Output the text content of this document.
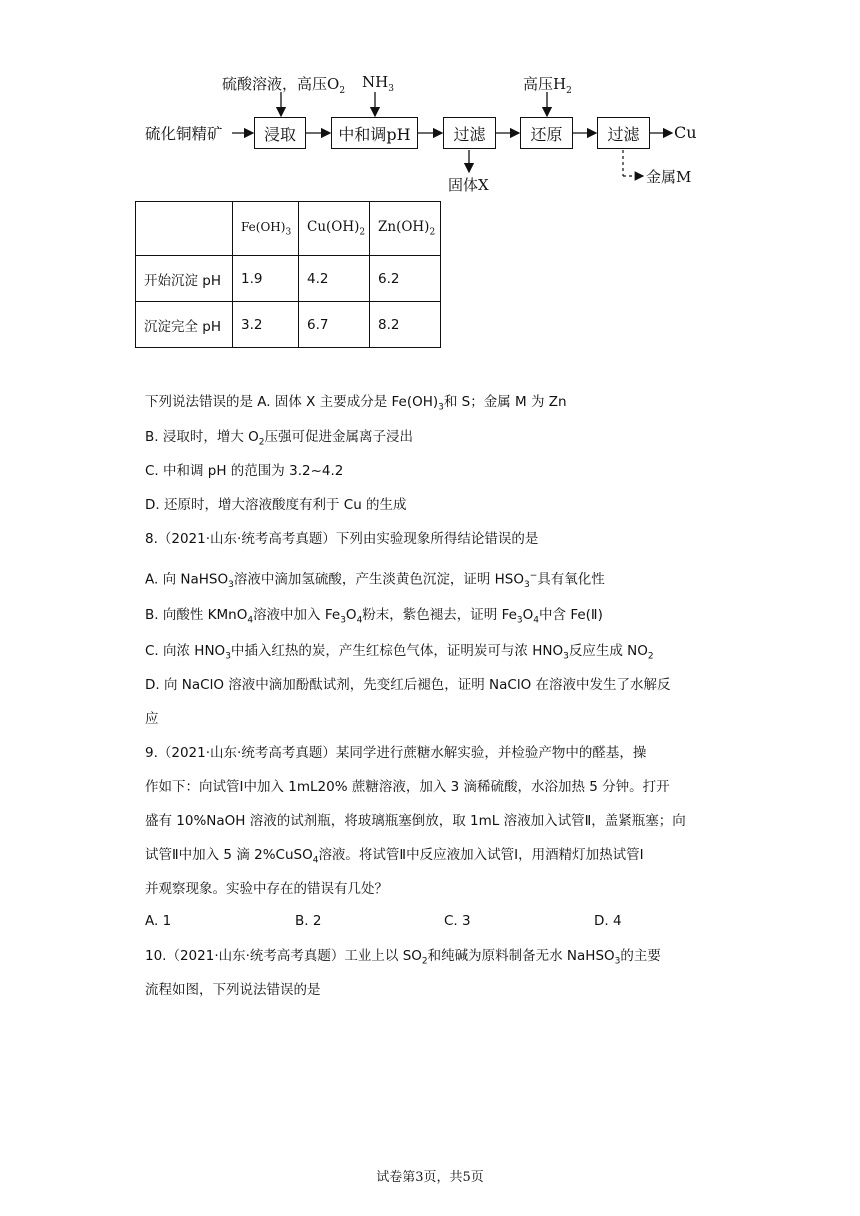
硫化铜精矿	浸取	中和调pH	过滤	还原	过滤
硫酸溶液，高压$O_2$ $NH_3$	高压$H_2$
Cu
固体X	金属M
	$Fe(OH)_3$	$Cu(OH)_2$	$Zn(OH)_2$
开始沉淀 pH	1.9	4.2	6.2
沉淀完全 pH	3.2	6.7	8.2
下列说法错误的是 A. 固体 X 主要成分是 $Fe(OH)_3$和 S；金属 M 为 Zn
B. 浸取时，增大 $O_2$压强可促进金属离子浸出
C. 中和调 pH 的范围为 3.2~4.2
D. 还原时，增大溶液酸度有利于 Cu 的生成
8.（2021·山东·统考高考真题）下列由实验现象所得结论错误的是
A. 向 NaHSO$_3$溶液中滴加氢硫酸，产生淡黄色沉淀，证明 $HSO_3^-$具有氧化性
B. 向酸性 KMnO$_4$溶液中加入 $Fe_3O_4$粉末，紫色褪去，证明 $Fe_3O_4$中含 Fe(Ⅱ)
C. 向浓 $HNO_3$中插入红热的炭，产生红棕色气体，证明炭可与浓 $HNO_3$反应生成 $NO_2$
D. 向 NaClO 溶液中滴加酚酞试剂，先变红后褪色，证明 NaClO 在溶液中发生了水解反
应
9.（2021·山东·统考高考真题）某同学进行蔗糖水解实验，并检验产物中的醛基，操
作如下：向试管Ⅰ中加入 1mL20% 蔗糖溶液，加入 3 滴稀硫酸，水浴加热 5 分钟。打开
盛有 10%NaOH 溶液的试剂瓶，将玻璃瓶塞倒放，取 1mL 溶液加入试管Ⅱ，盖紧瓶塞；向
试管Ⅱ中加入 5 滴 2%CuSO$_4$溶液。将试管Ⅱ中反应液加入试管Ⅰ，用酒精灯加热试管Ⅰ
并观察现象。实验中存在的错误有几处？
A. 1	B. 2	C. 3	D. 4
10.（2021·山东·统考高考真题）工业上以 $SO_2$和纯碱为原料制备无水 NaHSO$_3$的主要
流程如图，下列说法错误的是
试卷第3页，共5页
